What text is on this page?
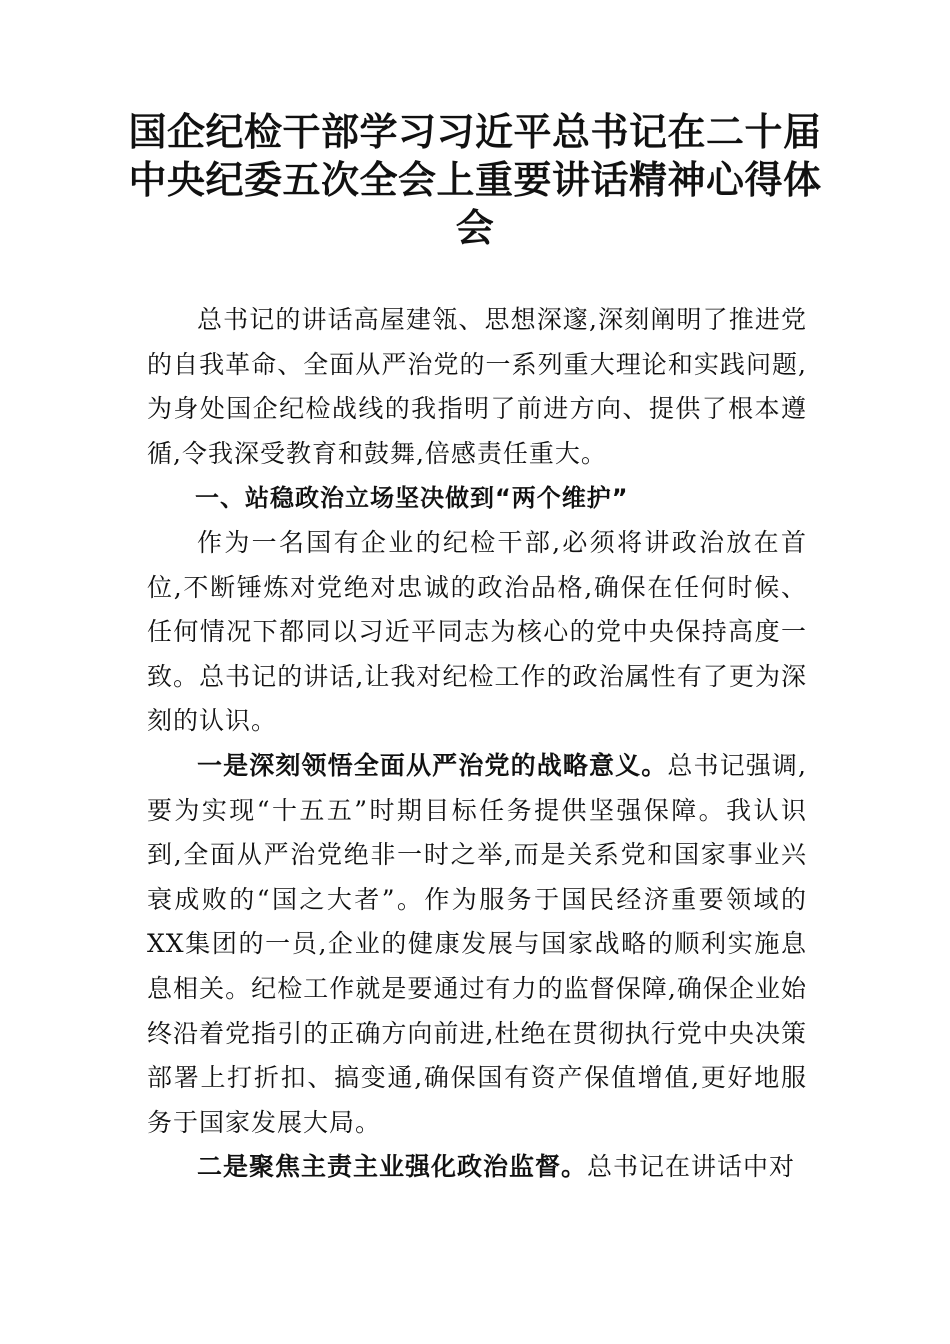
国企纪检干部学习习近平总书记在二十届中央纪委五次全会上重要讲话精神心得体会

总书记的讲话高屋建瓴、思想深邃,深刻阐明了推进党的自我革命、全面从严治党的一系列重大理论和实践问题,为身处国企纪检战线的我指明了前进方向、提供了根本遵循,令我深受教育和鼓舞,倍感责任重大。

一、站稳政治立场坚决做到“两个维护”

作为一名国有企业的纪检干部,必须将讲政治放在首位,不断锤炼对党绝对忠诚的政治品格,确保在任何时候、任何情况下都同以习近平同志为核心的党中央保持高度一致。总书记的讲话,让我对纪检工作的政治属性有了更为深刻的认识。

一是深刻领悟全面从严治党的战略意义。总书记强调,要为实现“十五五”时期目标任务提供坚强保障。我认识到,全面从严治党绝非一时之举,而是关系党和国家事业兴衰成败的“国之大者”。作为服务于国民经济重要领域的XX集团的一员,企业的健康发展与国家战略的顺利实施息息相关。纪检工作就是要通过有力的监督保障,确保企业始终沿着党指引的正确方向前进,杜绝在贯彻执行党中央决策部署上打折扣、搞变通,确保国有资产保值增值,更好地服务于国家发展大局。

二是聚焦主责主业强化政治监督。总书记在讲话中对
